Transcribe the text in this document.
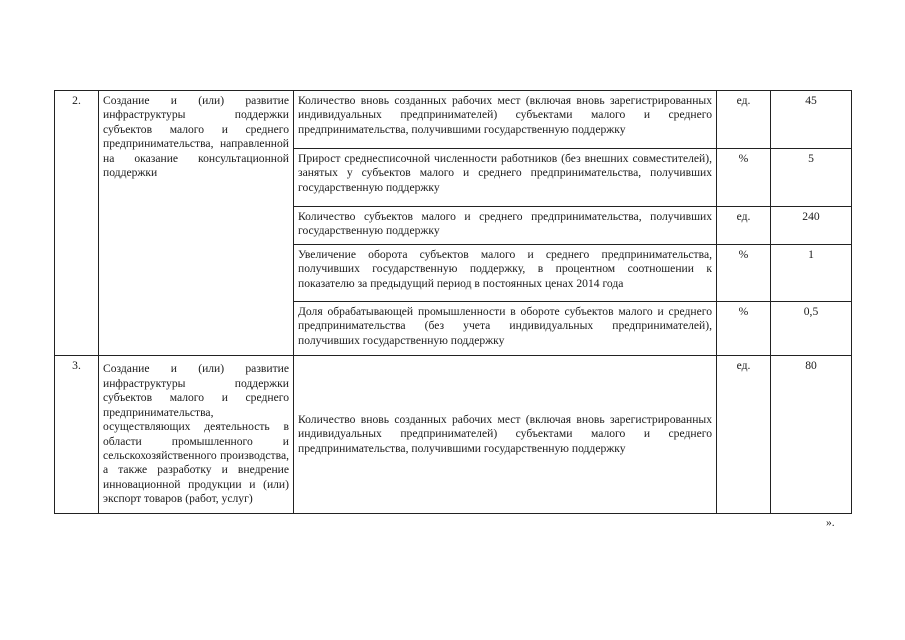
2.	Создание и (или) развитие инфраструктуры поддержки субъектов малого и среднего предпринимательства, направленной на оказание консультационной поддержки	Количество вновь созданных рабочих мест (включая вновь зарегистрированных индивидуальных предпринимателей) субъектами малого и среднего предпринимательства, получившими государственную поддержку	ед.	45
		Прирост среднесписочной численности работников (без внешних совместителей), занятых у субъектов малого и среднего предпринимательства, получивших государственную поддержку	%	5
		Количество субъектов малого и среднего предпринимательства, получивших государственную поддержку	ед.	240
		Увеличение оборота субъектов малого и среднего предпринимательства, получивших государственную поддержку, в процентном соотношении к показателю за предыдущий период в постоянных ценах 2014 года	%	1
		Доля обрабатывающей промышленности в обороте субъектов малого и среднего предпринимательства (без учета индивидуальных предпринимателей), получивших государственную поддержку	%	0,5
3.	Создание и (или) развитие инфраструктуры поддержки субъектов малого и среднего предпринимательства, осуществляющих деятельность в области промышленного и сельскохозяйственного производства, а также разработку и внедрение инновационной продукции и (или) экспорт товаров (работ, услуг)	Количество вновь созданных рабочих мест (включая вновь зарегистрированных индивидуальных предпринимателей) субъектами малого и среднего предпринимательства, получившими государственную поддержку	ед.	80
».
